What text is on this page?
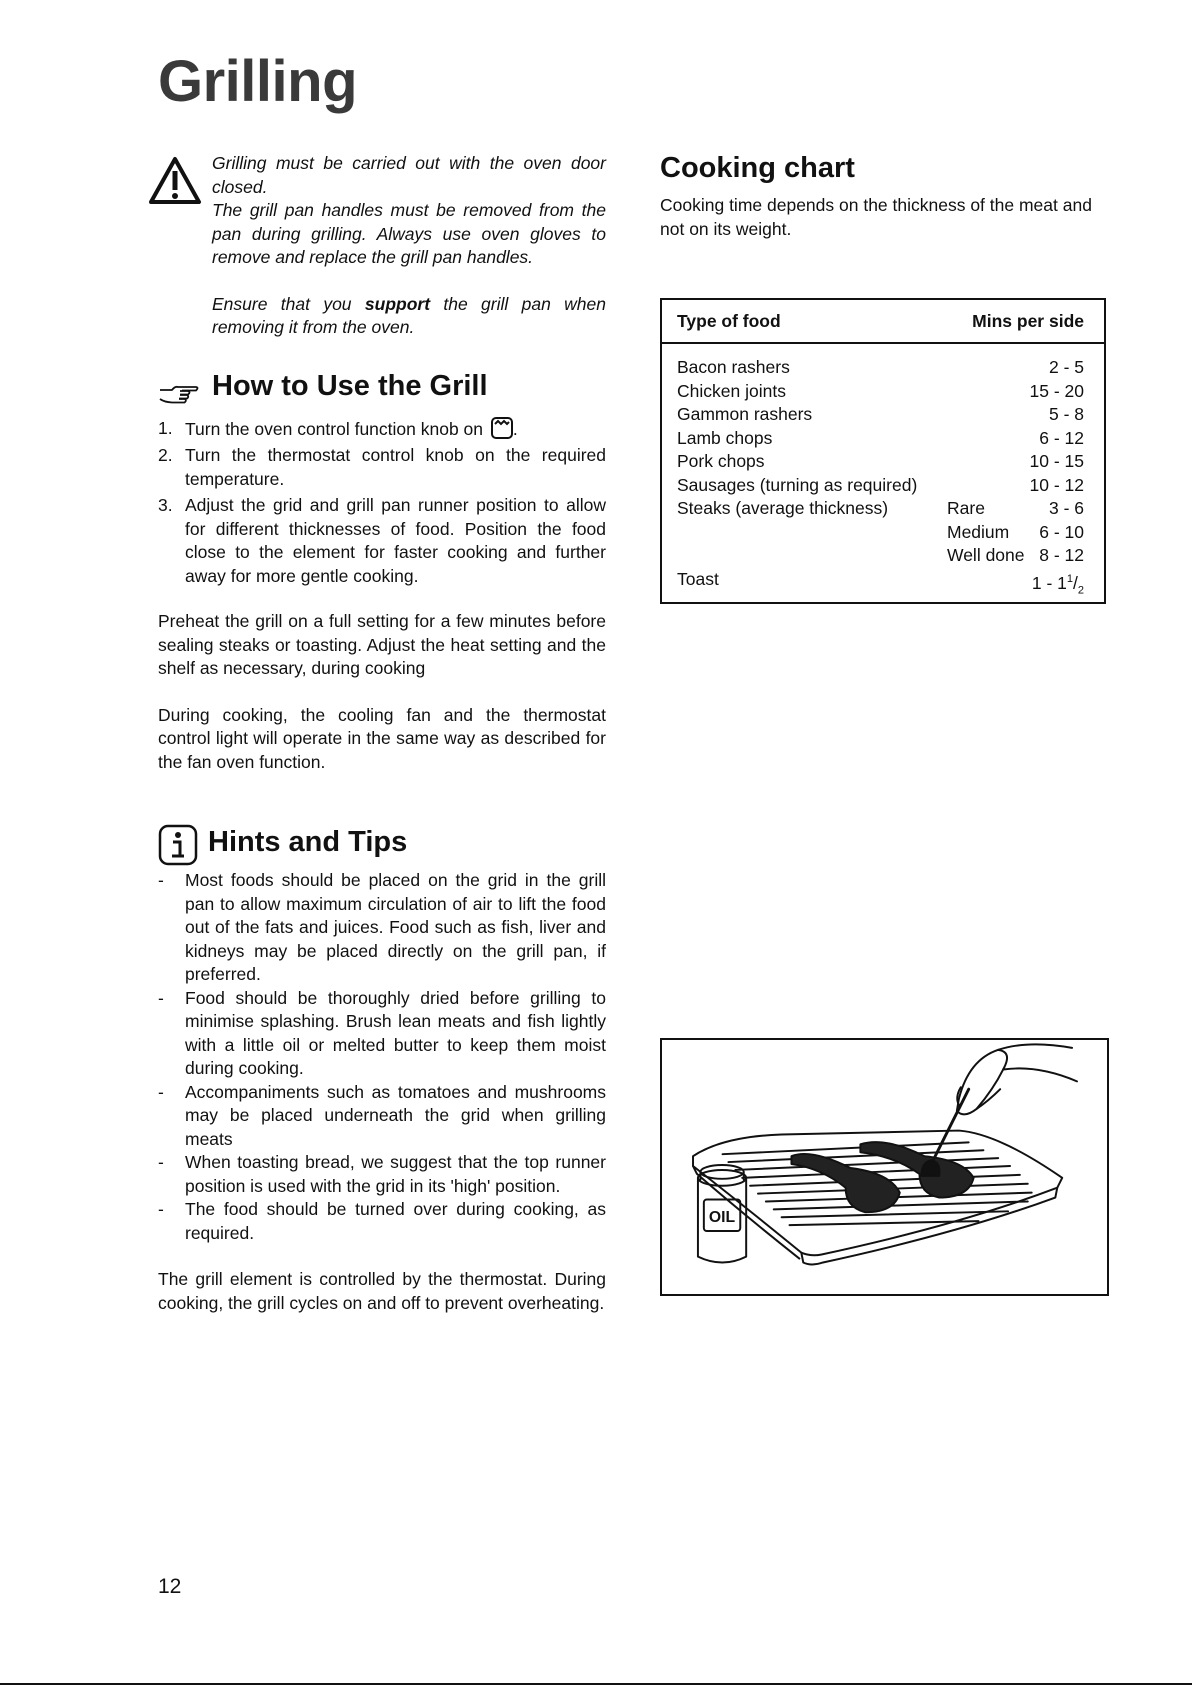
Grilling

Grilling must be carried out with the oven door closed.

The grill pan handles must be removed from the pan during grilling. Always use oven gloves to remove and replace the grill pan handles.

Ensure that you support the grill pan when removing it from the oven.

How to Use the Grill
1. Turn the oven control function knob on .
2. Turn the thermostat control knob on the required temperature.
3. Adjust the grid and grill pan runner position to allow for different thicknesses of food. Position the food close to the element for faster cooking and further away for more gentle cooking.

Preheat the grill on a full setting for a few minutes before sealing steaks or toasting. Adjust the heat setting and the shelf as necessary, during cooking

During cooking, the cooling fan and the thermostat control light will operate in the same way as described for the fan oven function.

Hints and Tips
- Most foods should be placed on the grid in the grill pan to allow maximum circulation of air to lift the food out of the fats and juices. Food such as fish, liver and kidneys may be placed directly on the grill pan, if preferred.
- Food should be thoroughly dried before grilling to minimise splashing. Brush lean meats and fish lightly with a little oil or melted butter to keep them moist during cooking.
- Accompaniments such as tomatoes and mushrooms may be placed underneath the grid when grilling meats
- When toasting bread, we suggest that the top runner position is used with the grid in its 'high' position.
- The food should be turned over during cooking, as required.

The grill element is controlled by the thermostat. During cooking, the grill cycles on and off to prevent overheating.

Cooking chart

Cooking time depends on the thickness of the meat and not on its weight.

Type of food	Mins per side
Bacon rashers	2 - 5
Chicken joints	15 - 20
Gammon rashers	5 - 8
Lamb chops	6 - 12
Pork chops	10 - 15
Sausages (turning as required)	10 - 12
Steaks (average thickness)	Rare	3 - 6
Medium	6 - 10
Well done 8 - 12
Toast	$1 - 1^1/_2$
OIL
12
